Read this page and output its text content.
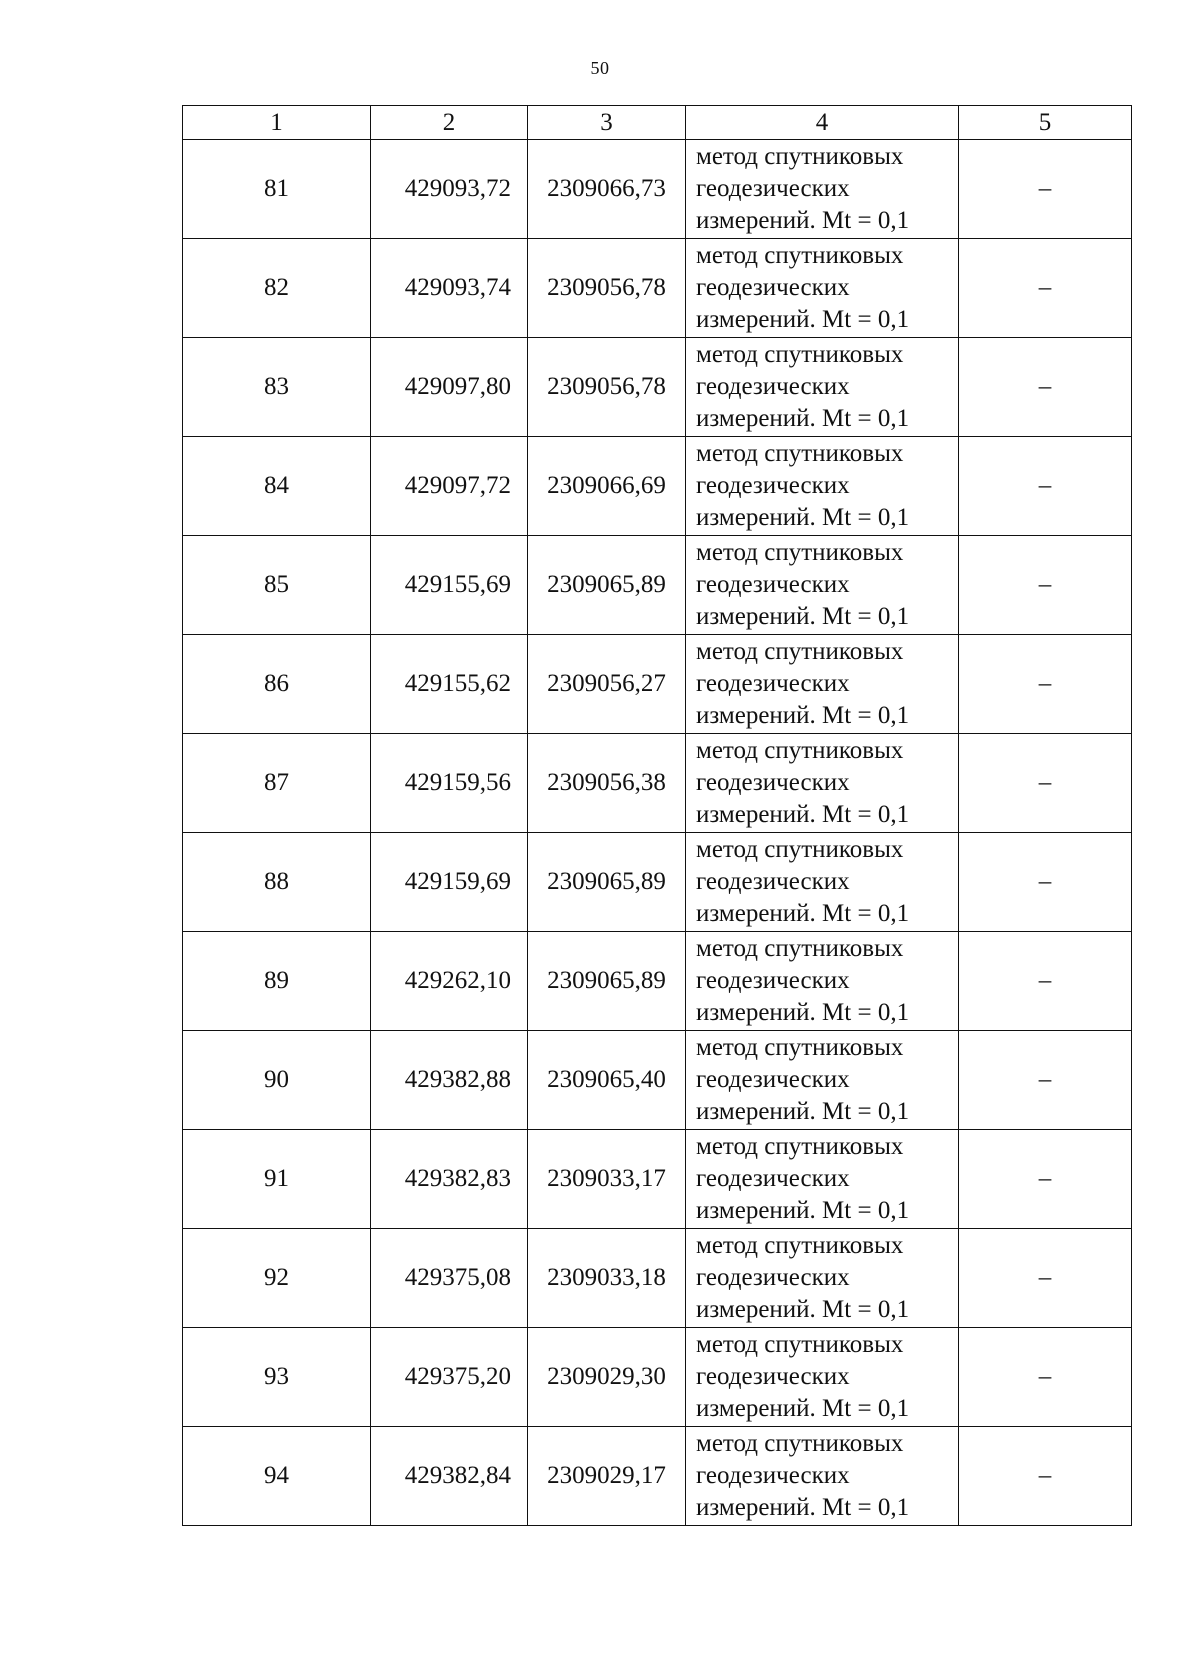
50
1	2	3	4	5
81	429093,72	2309066,73	метод спутниковых
геодезических
измерений. Mt = 0,1	–
82	429093,74	2309056,78	метод спутниковых
геодезических
измерений. Mt = 0,1	–
83	429097,80	2309056,78	метод спутниковых
геодезических
измерений. Mt = 0,1	–
84	429097,72	2309066,69	метод спутниковых
геодезических
измерений. Mt = 0,1	–
85	429155,69	2309065,89	метод спутниковых
геодезических
измерений. Mt = 0,1	–
86	429155,62	2309056,27	метод спутниковых
геодезических
измерений. Mt = 0,1	–
87	429159,56	2309056,38	метод спутниковых
геодезических
измерений. Mt = 0,1	–
88	429159,69	2309065,89	метод спутниковых
геодезических
измерений. Mt = 0,1	–
89	429262,10	2309065,89	метод спутниковых
геодезических
измерений. Mt = 0,1	–
90	429382,88	2309065,40	метод спутниковых
геодезических
измерений. Mt = 0,1	–
91	429382,83	2309033,17	метод спутниковых
геодезических
измерений. Mt = 0,1	–
92	429375,08	2309033,18	метод спутниковых
геодезических
измерений. Mt = 0,1	–
93	429375,20	2309029,30	метод спутниковых
геодезических
измерений. Mt = 0,1	–
94	429382,84	2309029,17	метод спутниковых
геодезических
измерений. Mt = 0,1	–
